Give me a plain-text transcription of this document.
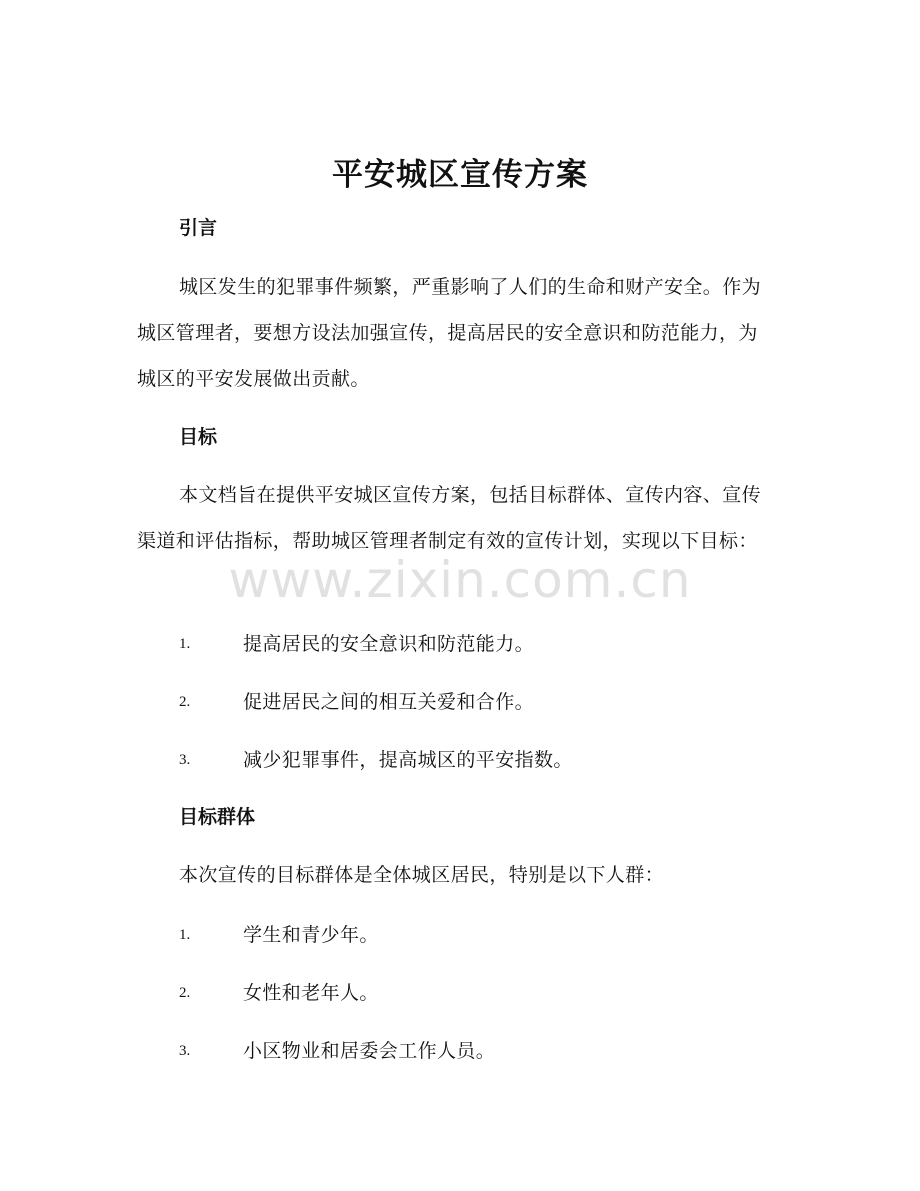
平安城区宣传方案
引言

城区发生的犯罪事件频繁，严重影响了人们的生命和财产安全。作为城区管理者，要想方设法加强宣传，提高居民的安全意识和防范能力，为城区的平安发展做出贡献。

目标

本文档旨在提供平安城区宣传方案，包括目标群体、宣传内容、宣传渠道和评估指标，帮助城区管理者制定有效的宣传计划，实现以下目标：

1.	提高居民的安全意识和防范能力。
2.	促进居民之间的相互关爱和合作。
3.	减少犯罪事件，提高城区的平安指数。
目标群体

本次宣传的目标群体是全体城区居民，特别是以下人群：

1.	学生和青少年。
2.	女性和老年人。
3.	小区物业和居委会工作人员。
www.zixin.com.cn
